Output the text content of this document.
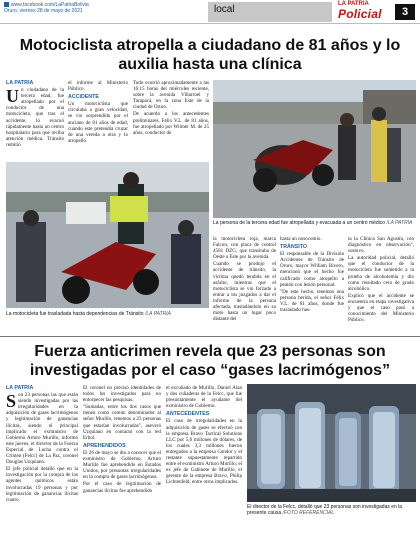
www.facebook.com/LaPatriaBolivia
Oruro, viernes 28 de mayo de 2021	local	LA PATRIA
Policial	3
Motociclista atropella a ciudadano de 81 años y lo auxilia hasta una clínica

LA PATRIA

Un ciudadano de la tercera edad, fue atropellado por el conductor de una motocicleta, que tras el accidente, lo evacuó rápidamente hasta un centro hospitalario para que reciba atención médica. Tránsito remitió

el informe al Ministerio Público.

ACCIDENTE

Un motociclista que circulaba a gran velocidad, se vio sorprendido por el anciano de 81 años de edad, cuando este pretendía cruzar de una vereda a otra y lo atropelló.

Todo ocurrió aproximadamente a las 16:15 horas del miércoles reciente, sobre la avenida Villarroel y Tarapacá, en la zona Este de la ciudad de Oruro.

De acuerdo a los antecedentes preliminares, Félix V.L. de 81 años, fue atropellado por Wilmer M. de 25 años, conductor de

La persona de la tercera edad fue atropellada y evacuada a un centro médico /LA PATRIA
La motocicleta fue trasladada hasta dependencias de Tránsito /LA PATRIA

la motocicleta roja, marca Falcon, con placa de control 4581 DZG, que transitaba de Oeste a Este por la avenida.

Cuando se produjo el accidente de tránsito, la víctima quedó tendida en el asfalto, mientras que el motociclista se vio forzado a entrar a los juzgados a dar el informe de la persona afectada, trasladándolo en su moto hasta un lugar poco distante del

hasta un nosocomio.

TRÁNSITO

El responsable de la División Accidentes de Tránsito de Oruro, mayor William Rivero, mencionó que el hecho fue calificado como atropello a peatón con lesión personal.

"De este hecho, tenemos una persona herida, el señor Félix V.L. de 81 años, donde fue trasladado has-

ta la Clínica San Agustín, con diagnóstico en observación", sostuvo.

La autoridad policial, detalló que el conductor de la motocicleta fue sometido a la prueba de alcoholemia y dio como resultado cero de grado alcohólico.

Explicó que el accidente se encuentra en etapa investigativa y que el caso pasó a conocimiento del Ministerio Público.

Fuerza anticrimen revela que 23 personas son investigadas por el caso “gases lacrimógenos”

LA PATRIA

Son 23 personas las que están siendo investigadas por las irregularidades en la adquisición de gases lacrimógenos y legitimación de ganancias ilícitas, siendo el principal implicado el exministro de Gobierno Arturo Murillo, informó este jueves, el director de la Fuerza Especial de Lucha contra el Crimen (Felcc) de La Paz, coronel Douglas Uzquiano.

El jefe policial detalló que en la investigación por la compra de los agentes químicos están involucradas 19 personas y por legitimación de ganancias ilícitas cuatro.

El coronel no precisó identidades de todos los investigados para no entorpecer las pesquisas.

"Sumadas, entre los dos casos que tienen como común denominador al señor Murillo, tenemos a 23 personas que estarían involucradas", aseveró Uzquiano en contacto con la red Erbol.

APREHENDIDOS

El 26 de mayo se dio a conocer que el exministro de Gobierno, Arturo Murillo fue aprehendido en Estados Unidos, por presuntas irregularidades en la compra de gases lacrimógenos.

Por el caso de legitimación de ganancias ilícitas fue aprehendido

el excuñado de Murillo, Daniel Alan y dos cuñaderas de la Felcc, que fue presuntamente el ayudante del exministro de Gobierno.

ANTECEDENTES

El caso de irregularidades en la adquisición de gases se efectuó con la empresa Bravo Tactical Solutions LLC por 5,6 millones de dólares, de los cuales 3,3 millones fueron entregados a la empresa Condor y el restante supuestamente repartido entre el exministro Arturo Murillo; el ex jefe de Gabinete de Murillo, el gerente de la empresa Bravo, Philip Lichtenfeld, entre otros implicados.

El director de la Felcc, detalló que 23 personas son investigadas en la presente causa /FOTO REFERENCIAL
